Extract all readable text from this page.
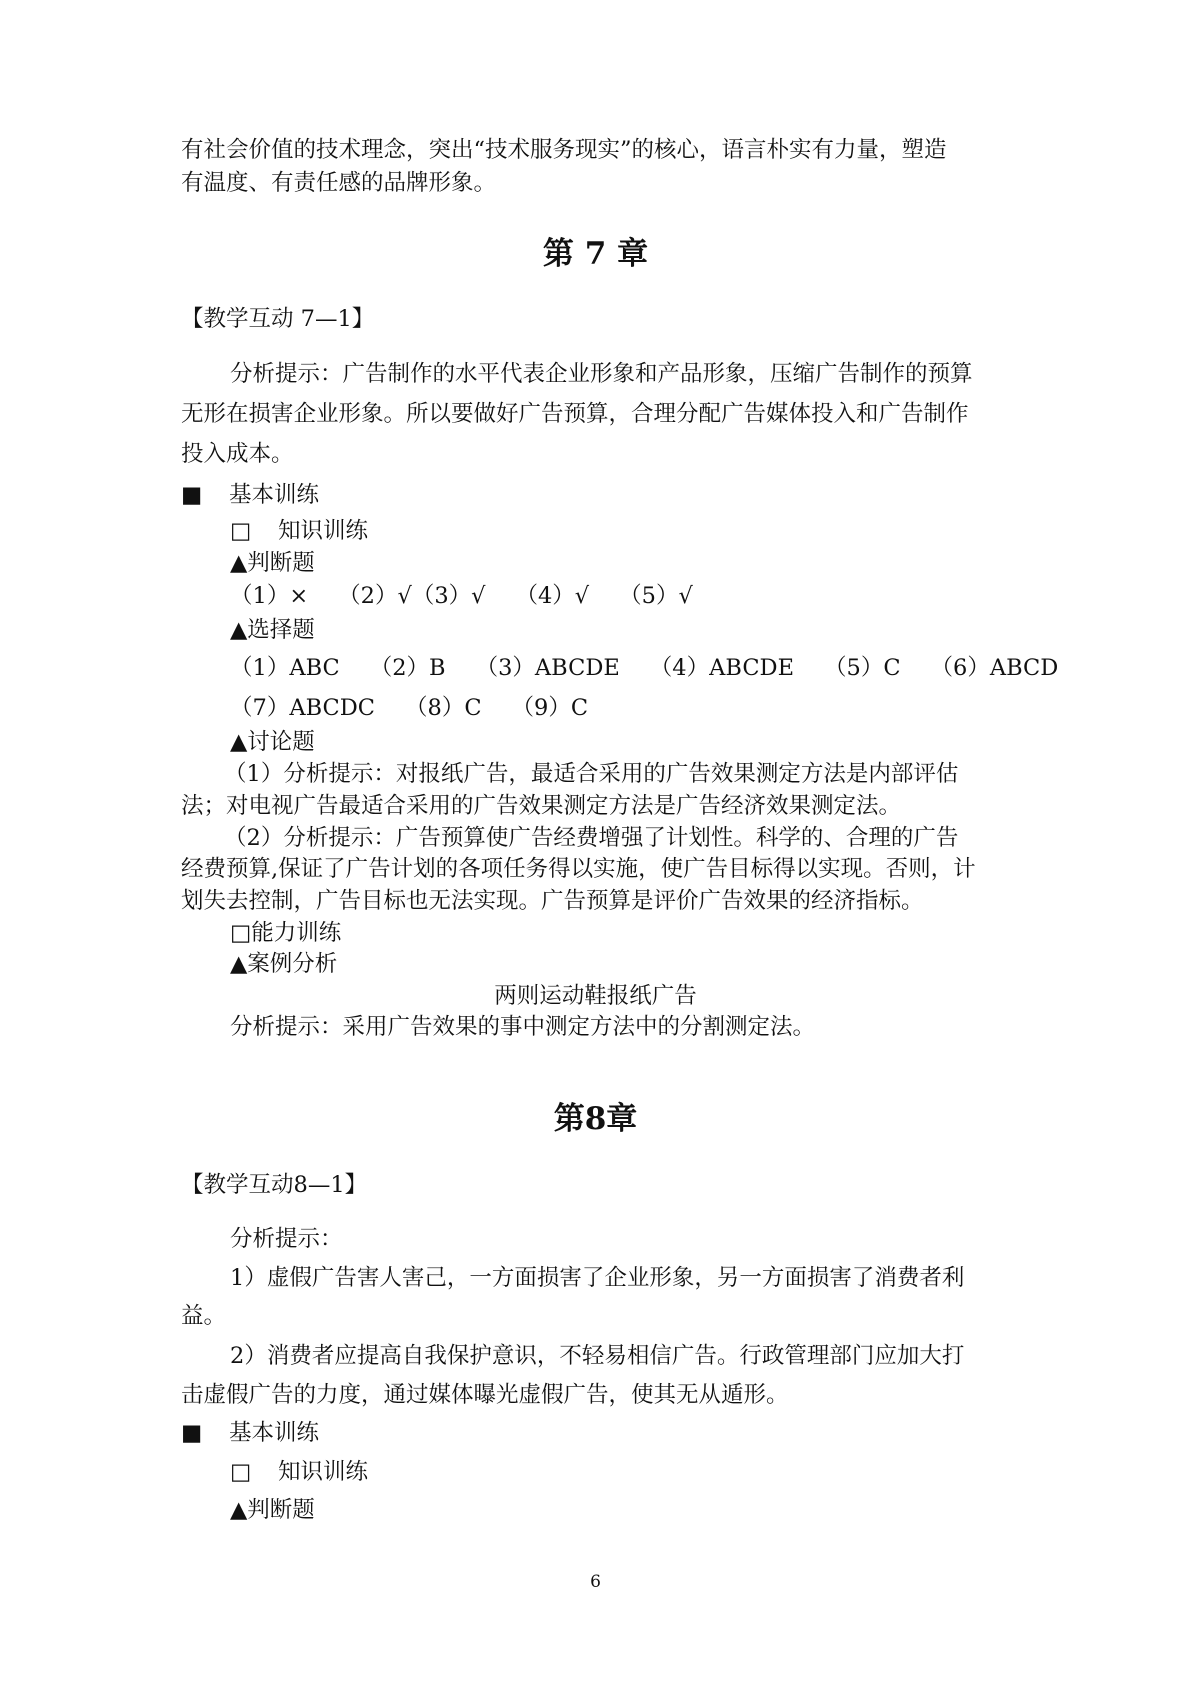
有社会价值的技术理念，突出“技术服务现实”的核心，语言朴实有力量，塑造

有温度、有责任感的品牌形象。

第 7 章

【教学互动 7—1】

分析提示：广告制作的水平代表企业形象和产品形象，压缩广告制作的预算

无形在损害企业形象。所以要做好广告预算，合理分配广告媒体投入和广告制作

投入成本。

■ 基本训练

□ 知识训练

▲判断题

（1）× （2）√（3）√ （4）√ （5）√

▲选择题

（1）ABC （2）B （3）ABCDE （4）ABCDE （5）C （6）ABCD
（7）ABCDC （8）C （9）C

▲讨论题

（1）分析提示：对报纸广告，最适合采用的广告效果测定方法是内部评估

法；对电视广告最适合采用的广告效果测定方法是广告经济效果测定法。

（2）分析提示：广告预算使广告经费增强了计划性。科学的、合理的广告

经费预算,保证了广告计划的各项任务得以实施，使广告目标得以实现。否则，计

划失去控制，广告目标也无法实现。广告预算是评价广告效果的经济指标。

□能力训练

▲案例分析

两则运动鞋报纸广告

分析提示：采用广告效果的事中测定方法中的分割测定法。

第8章

【教学互动8—1】

分析提示：

1）虚假广告害人害己，一方面损害了企业形象，另一方面损害了消费者利

益。

2）消费者应提高自我保护意识，不轻易相信广告。行政管理部门应加大打

击虚假广告的力度，通过媒体曝光虚假广告，使其无从遁形。

■ 基本训练

□ 知识训练

▲判断题

6
